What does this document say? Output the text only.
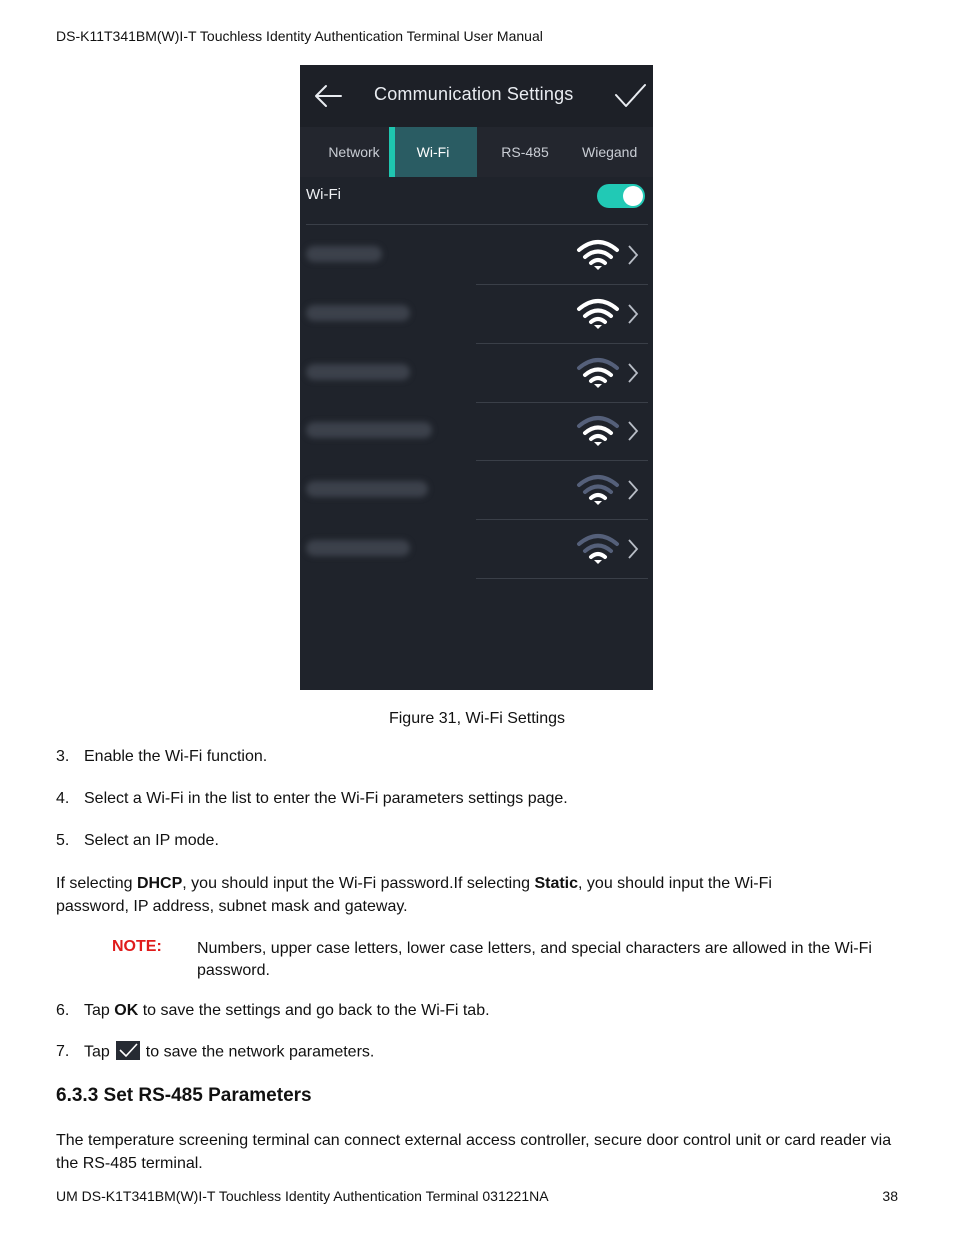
DS-K11T341BM(W)I-T Touchless Identity Authentication Terminal User Manual
Communication Settings
Network	Wi-Fi	RS-485	Wiegand
Wi-Fi
Figure 31, Wi-Fi Settings
3. Enable the Wi-Fi function.
4. Select a Wi-Fi in the list to enter the Wi-Fi parameters settings page.
5. Select an IP mode.
If selecting DHCP, you should input the Wi-Fi password.If selecting Static, you should input the Wi-Fi password, IP address, subnet mask and gateway.
NOTE: Numbers, upper case letters, lower case letters, and special characters are allowed in the Wi-Fi password.
6. Tap OK to save the settings and go back to the Wi-Fi tab.
7. Tap to save the network parameters.
6.3.3 Set RS-485 Parameters
The temperature screening terminal can connect external access controller, secure door control unit or card reader via the RS-485 terminal.
UM DS-K1T341BM(W)I-T Touchless Identity Authentication Terminal 031221NA	38
